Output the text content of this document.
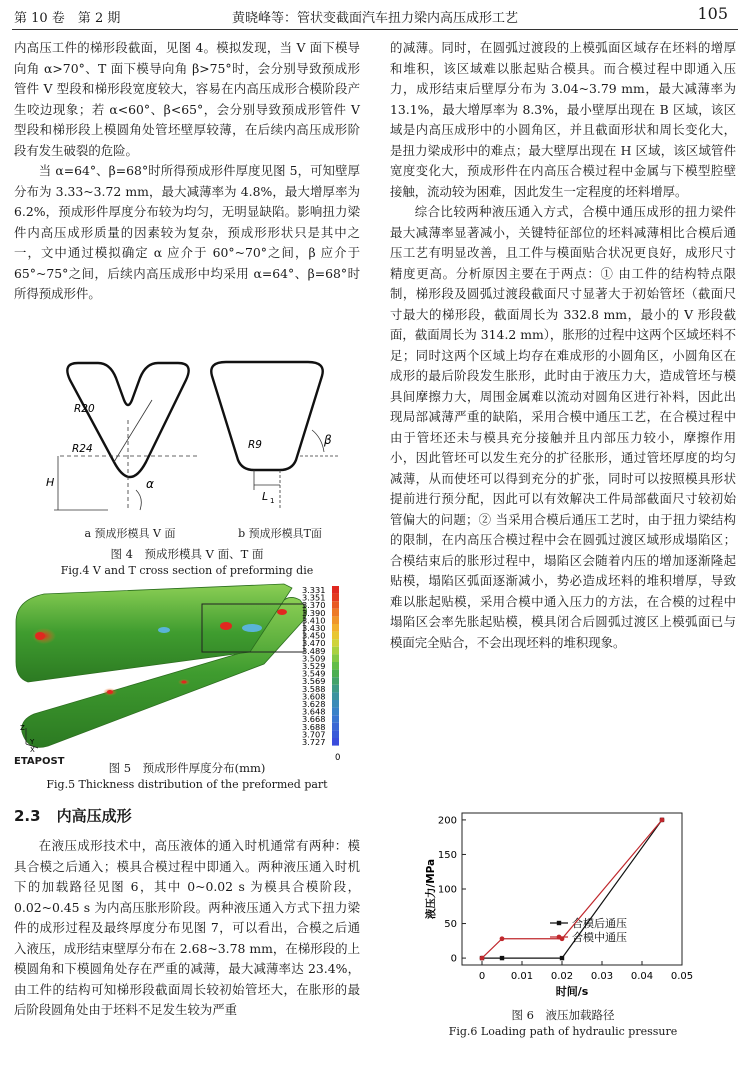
第 10 卷　第 2 期	黄晓峰等：管状变截面汽车扭力梁内高压成形工艺	105

内高压工件的梯形段截面，见图 4。模拟发现，当 V 面下模导向角 α>70°、T 面下模导向角 β>75°时，会分别导致预成形管件 V 型段和梯形段宽度较大，容易在内高压成形合模阶段产生咬边现象；若 α<60°、β<65°，会分别导致预成形管件 V 型段和梯形段上模圆角处管坯壁厚较薄，在后续内高压成形阶段有发生破裂的危险。

当 α=64°、β=68°时所得预成形件厚度见图 5，可知壁厚分布为 3.33~3.72 mm，最大减薄率为 4.8%，最大增厚率为 6.2%，预成形件厚度分布较为均匀，无明显缺陷。影响扭力梁件内高压成形质量的因素较为复杂，预成形形状只是其中之一，文中通过模拟确定 α 应介于 60°~70°之间，β 应介于 65°~75°之间，后续内高压成形中均采用 α=64°、β=68°时所得预成形件。

R20
R24
H	α
R9	β
L 1
a 预成形模具 V 面	b 预成形模具T面
图 4　预成形模具 V 面、T 面
Fig.4 V and T cross section of preforming die
3.331
3.351
3.370
3.390
3.410
3.430
3.450
3.470
3.489
3.509
3.529
3.549
3.569
3.588
3.608
3.628
3.648
3.668
3.688
3.707
3.727
0
Z
Y
X
ETAPOST	图 5　预成形件厚度分布(mm)
Fig.5 Thickness distribution of the preformed part
2.3 内高压成形

在液压成形技术中，高压液体的通入时机通常有两种：模具合模之后通入；模具合模过程中即通入。两种液压通入时机下的加载路径见图 6，其中 0~0.02 s 为模具合模阶段，0.02~0.45 s 为内高压胀形阶段。两种液压通入方式下扭力梁件的成形过程及最终厚度分布见图 7，可以看出，合模之后通入液压，成形结束壁厚分布在 2.68~3.78 mm，在梯形段的上模圆角和下模圆角处存在严重的减薄，最大减薄率达 23.4%，由工件的结构可知梯形段截面周长较初始管坯大，在胀形的最后阶段圆角处由于坯料不足发生较为严重

的减薄。同时，在圆弧过渡段的上模弧面区域存在坯料的增厚和堆积，该区域难以胀起贴合模具。而合模过程中即通入压力，成形结束后壁厚分布为 3.04~3.79 mm，最大减薄率为 13.1%，最大增厚率为 8.3%，最小壁厚出现在 B 区域，该区域是内高压成形中的小圆角区，并且截面形状和周长变化大，是扭力梁成形中的难点；最大壁厚出现在 H 区域，该区域管件宽度变化大，预成形件在内高压合模过程中金属与下模型腔壁接触，流动较为困难，因此发生一定程度的坯料增厚。

综合比较两种液压通入方式，合模中通压成形的扭力梁件最大减薄率显著减小，关键特征部位的坯料减薄相比合模后通压工艺有明显改善，且工件与模面贴合状况更良好，成形尺寸精度更高。分析原因主要在于两点：① 由工件的结构特点限制，梯形段及圆弧过渡段截面尺寸显著大于初始管坯（截面尺寸最大的梯形段，截面周长为 332.8 mm，最小的 V 形段截面，截面周长为 314.2 mm），胀形的过程中这两个区域坯料不足；同时这两个区域上均存在难成形的小圆角区，小圆角区在成形的最后阶段发生胀形，此时由于液压力大，造成管坯与模具间摩擦力大，周围金属难以流动对圆角区进行补料，因此出现局部减薄严重的缺陷，采用合模中通压工艺，在合模过程中由于管坯还未与模具充分接触并且内部压力较小，摩擦作用小，因此管坯可以发生充分的扩径胀形，通过管坯厚度的均匀减薄，从而使坯可以得到充分的扩张，同时可以按照模具形状提前进行预分配，因此可以有效解决工件局部截面尺寸较初始管偏大的问题；② 当采用合模后通压工艺时，由于扭力梁结构的限制，在内高压合模过程中会在圆弧过渡区域形成塌陷区；合模结束后的胀形过程中，塌陷区会随着内压的增加逐渐隆起贴模，塌陷区弧面逐渐减小，势必造成坯料的堆积增厚，导致难以胀起贴模，采用合模中通入压力的方法，在合模的过程中塌陷区会率先胀起贴模，模具闭合后圆弧过渡区上模弧面已与模面完全贴合，不会出现坯料的堆积现象。

0	0.01 0.02 0.03 0.04 0.05
0
50
100
150
200
时间/s
液压力/MPa
合模后通压
合模中通压
图 6　液压加载路径
Fig.6 Loading path of hydraulic pressure
